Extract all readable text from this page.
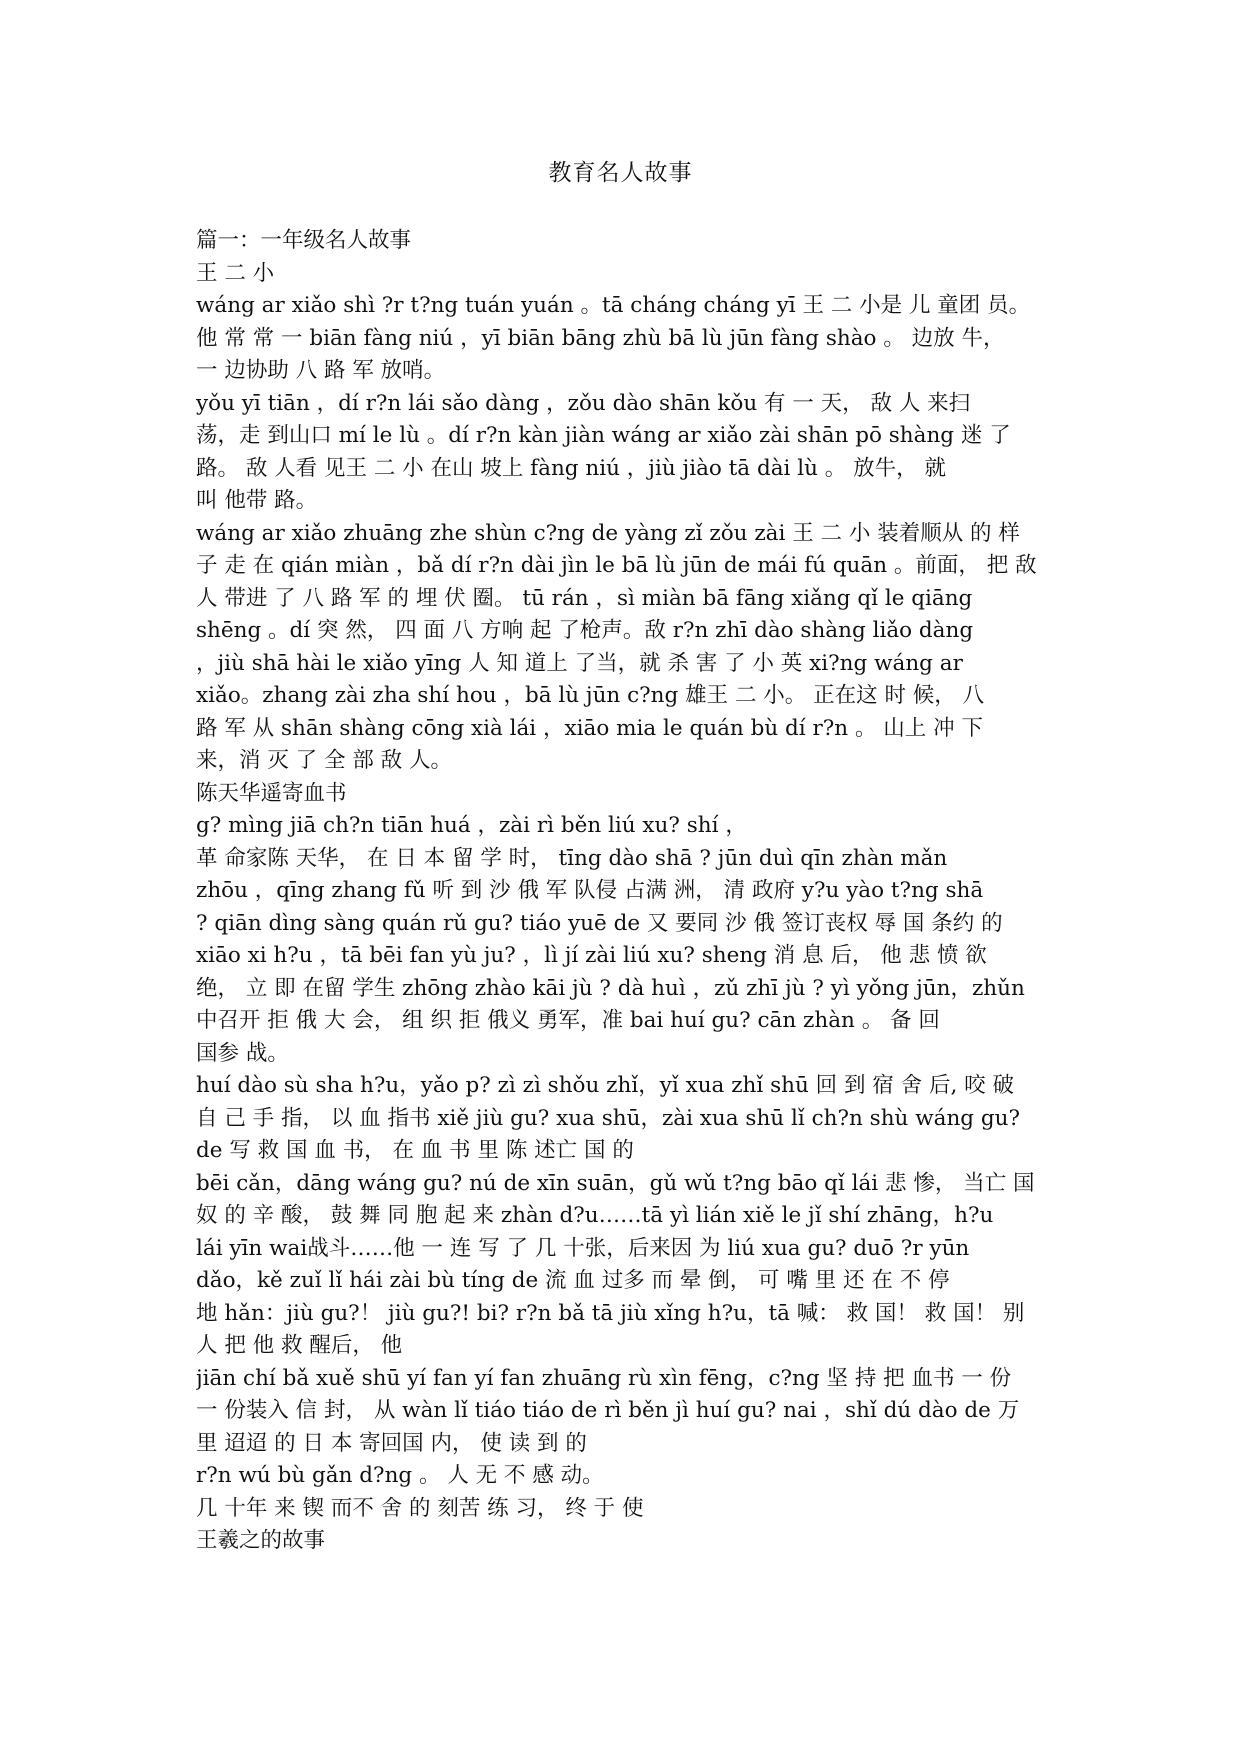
教育名人故事
篇一：一年级名人故事
王 二 小
wáng ar xiǎo shì ?r t?ng tuán yuán 。tā cháng cháng yī 王 二 小是 儿 童团 员。
他 常 常 一 biān fàng niú ，yī biān bāng zhù bā lù jūn fàng shào 。 边放 牛，
一 边协助 八 路 军 放哨。
yǒu yī tiān ，dí r?n lái sǎo dàng ，zǒu dào shān kǒu 有 一 天， 敌 人 来扫
荡，走 到山口 mí le lù 。dí r?n kàn jiàn wáng ar xiǎo zài shān pō shàng 迷 了
路。 敌 人看 见王 二 小 在山 坡上 fàng niú ，jiù jiào tā dài lù 。 放牛， 就
叫 他带 路。
wáng ar xiǎo zhuāng zhe shùn c?ng de yàng zǐ zǒu zài 王 二 小 装着顺从 的 样
子 走 在 qián miàn ，bǎ dí r?n dài jìn le bā lù jūn de mái fú quān 。前面， 把 敌
人 带进 了 八 路 军 的 埋 伏 圈。 tū rán ，sì miàn bā fāng xiǎng qǐ le qiāng
shēng 。dí 突 然， 四 面 八 方响 起 了枪声。敌 r?n zhī dào shàng liǎo dàng
，jiù shā hài le xiǎo yīng 人 知 道上 了当，就 杀 害 了 小 英 xi?ng wáng ar
xiǎo。zhang zài zha shí hou ，bā lù jūn c?ng 雄王 二 小。 正在这 时 候， 八
路 军 从 shān shàng cōng xià lái ，xiāo mia le quán bù dí r?n 。 山上 冲 下
来，消 灭 了 全 部 敌 人。
陈天华遥寄血书
g? mìng jiā ch?n tiān huá ，zài rì běn liú xu? shí ，
革 命家陈 天华， 在 日 本 留 学 时， tīng dào shā ? jūn duì qīn zhàn mǎn
zhōu ，qīng zhang fǔ 听 到 沙 俄 军 队侵 占满 洲， 清 政府 y?u yào t?ng shā
? qiān dìng sàng quán rǔ gu? tiáo yuē de 又 要同 沙 俄 签订丧权 辱 国 条约 的
xiāo xi h?u ，tā bēi fan yù ju? ，lì jí zài liú xu? sheng 消 息 后， 他 悲 愤 欲
绝， 立 即 在留 学生 zhōng zhào kāi jù ? dà huì ，zǔ zhī jù ? yì yǒng jūn，zhǔn
中召开 拒 俄 大 会， 组 织 拒 俄义 勇军，准 bai huí gu? cān zhàn 。 备 回
国参 战。
huí dào sù sha h?u，yǎo p? zì zì shǒu zhǐ，yǐ xua zhǐ shū 回 到 宿 舍 后, 咬 破
自 己 手 指， 以 血 指书 xiě jiù gu? xua shū，zài xua shū lǐ ch?n shù wáng gu?
de 写 救 国 血 书， 在 血 书 里 陈 述亡 国 的
bēi cǎn，dāng wáng gu? nú de xīn suān，gǔ wǔ t?ng bāo qǐ lái 悲 惨， 当亡 国
奴 的 辛 酸， 鼓 舞 同 胞 起 来 zhàn d?u……tā yì lián xiě le jǐ shí zhāng，h?u
lái yīn wai战斗……他 一 连 写 了 几 十张，后来因 为 liú xua gu? duō ?r yūn
dǎo，kě zuǐ lǐ hái zài bù tíng de 流 血 过多 而 晕 倒， 可 嘴 里 还 在 不 停
地 hǎn：jiù gu?！ jiù gu?! bi? r?n bǎ tā jiù xǐng h?u，tā 喊： 救 国！ 救 国！ 别
人 把 他 救 醒后， 他
jiān chí bǎ xuě shū yí fan yí fan zhuāng rù xìn fēng，c?ng 坚 持 把 血书 一 份
一 份装入 信 封， 从 wàn lǐ tiáo tiáo de rì běn jì huí gu? nai ，shǐ dú dào de 万
里 迢迢 的 日 本 寄回国 内， 使 读 到 的
r?n wú bù gǎn d?ng 。 人 无 不 感 动。
几 十年 来 锲 而不 舍 的 刻苦 练 习， 终 于 使
王羲之的故事
